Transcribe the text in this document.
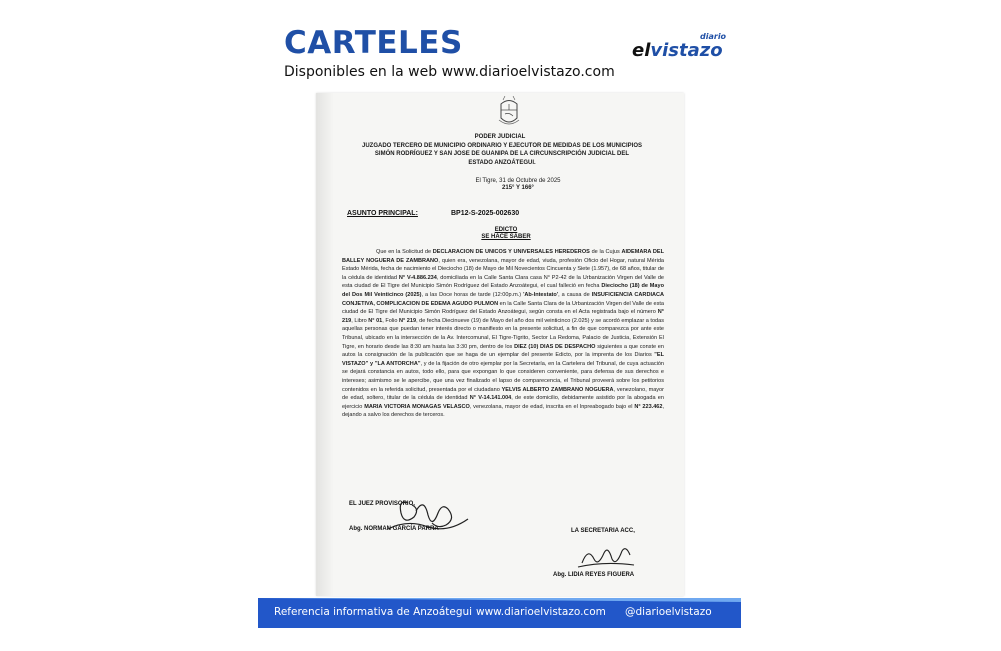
CARTELES

Disponibles en la web www.diarioelvistazo.com

diario
elvistazo

PODER JUDICIAL

JUZGADO TERCERO DE MUNICIPIO ORDINARIO Y EJECUTOR DE MEDIDAS DE LOS MUNICIPIOS
SIMÓN RODRÍGUEZ Y SAN JOSE DE GUANIPA DE LA CIRCUNSCRIPCIÓN JUDICIAL DEL
ESTADO ANZOÁTEGUI.
El Tigre, 31 de Octubre de 2025
215° Y 166°

ASUNTO PRINCIPAL:	BP12-S-2025-002630

EDICTO
SE HACE SABER

Que en la Solicitud de DECLARACION DE UNICOS Y UNIVERSALES HEREDEROS de la Cujus AIDEMARA DEL BALLEY NOGUERA DE ZAMBRANO, quien era, venezolana, mayor de edad, viuda, profesión Oficio del Hogar, natural Mérida Estado Mérida, fecha de nacimiento el Dieciocho (18) de Mayo de Mil Novecientos Cincuenta y Siete (1.957), de 68 años, titular de la cédula de identidad N° V-4.886.234, domiciliada en la Calle Santa Clara casa N° P2-42 de la Urbanización Virgen del Valle de esta ciudad de El Tigre del Municipio Simón Rodríguez del Estado Anzoátegui, el cual falleció en fecha Dieciocho (18) de Mayo del Dos Mil Veinticinco (2025), a las Doce horas de tarde (12:00p.m.) 'Ab-Intestato', a causa de INSUFICIENCIA CARDIACA CONJETIVA, COMPLICACION DE EDEMA AGUDO PULMON en la Calle Santa Clara de la Urbanización Virgen del Valle de esta ciudad de El Tigre del Municipio Simón Rodríguez del Estado Anzoátegui, según consta en el Acta registrada bajo el número N° 219, Libro N° 01, Folio N° 219, de fecha Diecinueve (19) de Mayo del año dos mil veinticinco (2.025) y se acordó emplazar a todas aquellas personas que puedan tener interés directo o manifiesto en la presente solicitud, a fin de que comparezca por ante este Tribunal, ubicado en la intersección de la Av. Intercomunal, El Tigre-Tigrito, Sector La Redoma, Palacio de Justicia, Extensión El Tigre, en horario desde las 8:30 am hasta las 3:30 pm, dentro de los DIEZ (10) DIAS DE DESPACHO siguientes a que conste en autos la consignación de la publicación que se haga de un ejemplar del presente Edicto, por la imprenta de los Diarios "EL VISTAZO" y "LA ANTORCHA", y de la fijación de otro ejemplar por la Secretaría, en la Cartelera del Tribunal, de cuya actuación se dejará constancia en autos, todo ello, para que expongan lo que consideren conveniente, para defensa de sus derechos e intereses; asimismo se le apercibe, que una vez finalizado el lapso de comparecencia, el Tribunal proveerá sobre los petitorios contenidos en la referida solicitud, presentada por el ciudadano YELVIS ALBERTO ZAMBRANO NOGUERA, venezolano, mayor de edad, soltero, titular de la cédula de identidad N° V-14.141.004, de este domicilio, debidamente asistido por la abogada en ejercicio MARIA VICTORIA MONAGAS VELASCO, venezolana, mayor de edad, inscrita en el Inpreabogado bajo el N° 223.462, dejando a salvo los derechos de terceros.

EL JUEZ PROVISORIO,

Abg. NORMAN GARCÍA PARRA	LA SECRETARIA ACC,

Abg. LIDIA REYES FIGUERA

Referencia informativa de Anzoátegui www.diarioelvistazo.com @diarioelvistazo
